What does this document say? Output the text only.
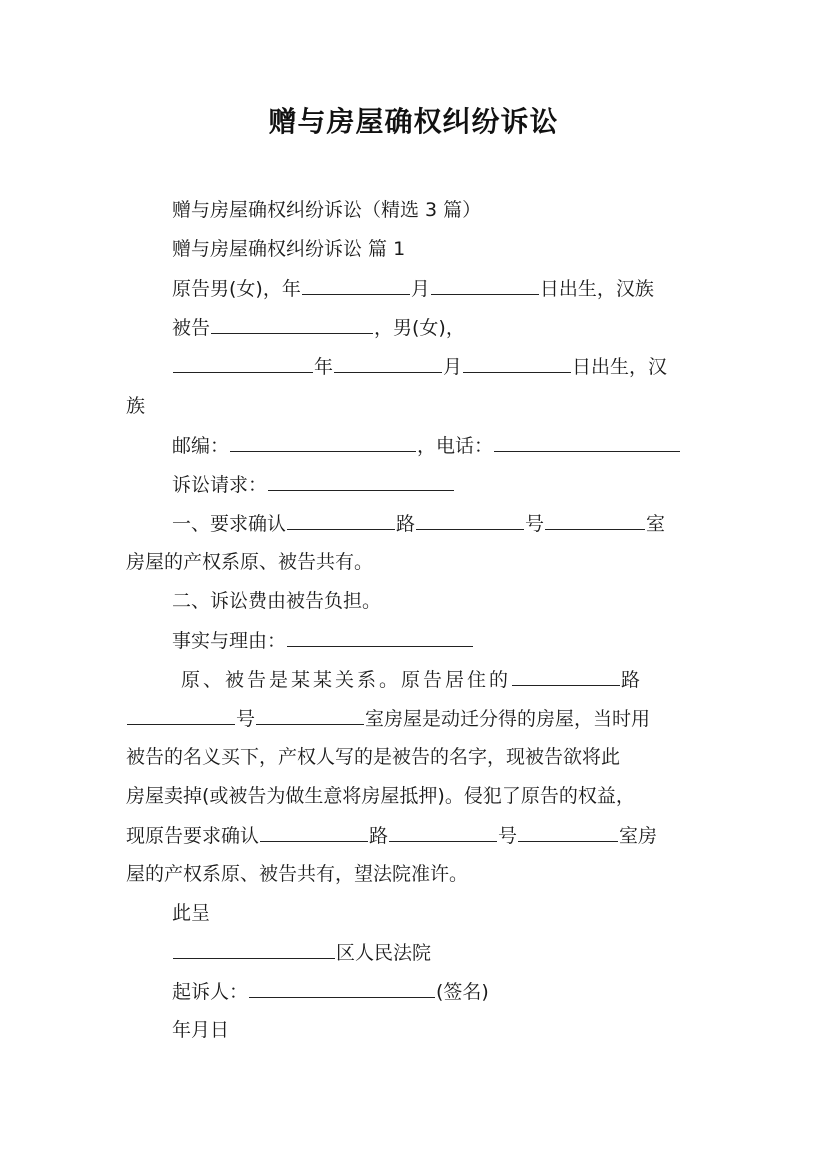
赠与房屋确权纠纷诉讼
赠与房屋确权纠纷诉讼（精选 3 篇）
赠与房屋确权纠纷诉讼 篇 1
原告男(女)，年	月	日出生，汉族
被告	，男(女)，
年	月	日出生，汉
族
邮编：	，电话：
诉讼请求：
一、要求确认	路	号	室
房屋的产权系原、被告共有。
二、诉讼费由被告负担。
事实与理由：
原、被告是某某关系。原告居住的	路
号	室房屋是动迁分得的房屋，当时用
被告的名义买下，产权人写的是被告的名字，现被告欲将此
房屋卖掉(或被告为做生意将房屋抵押)。侵犯了原告的权益，
现原告要求确认	路	号	室房
屋的产权系原、被告共有，望法院准许。
此呈
区人民法院
起诉人：	(签名)
年月日
